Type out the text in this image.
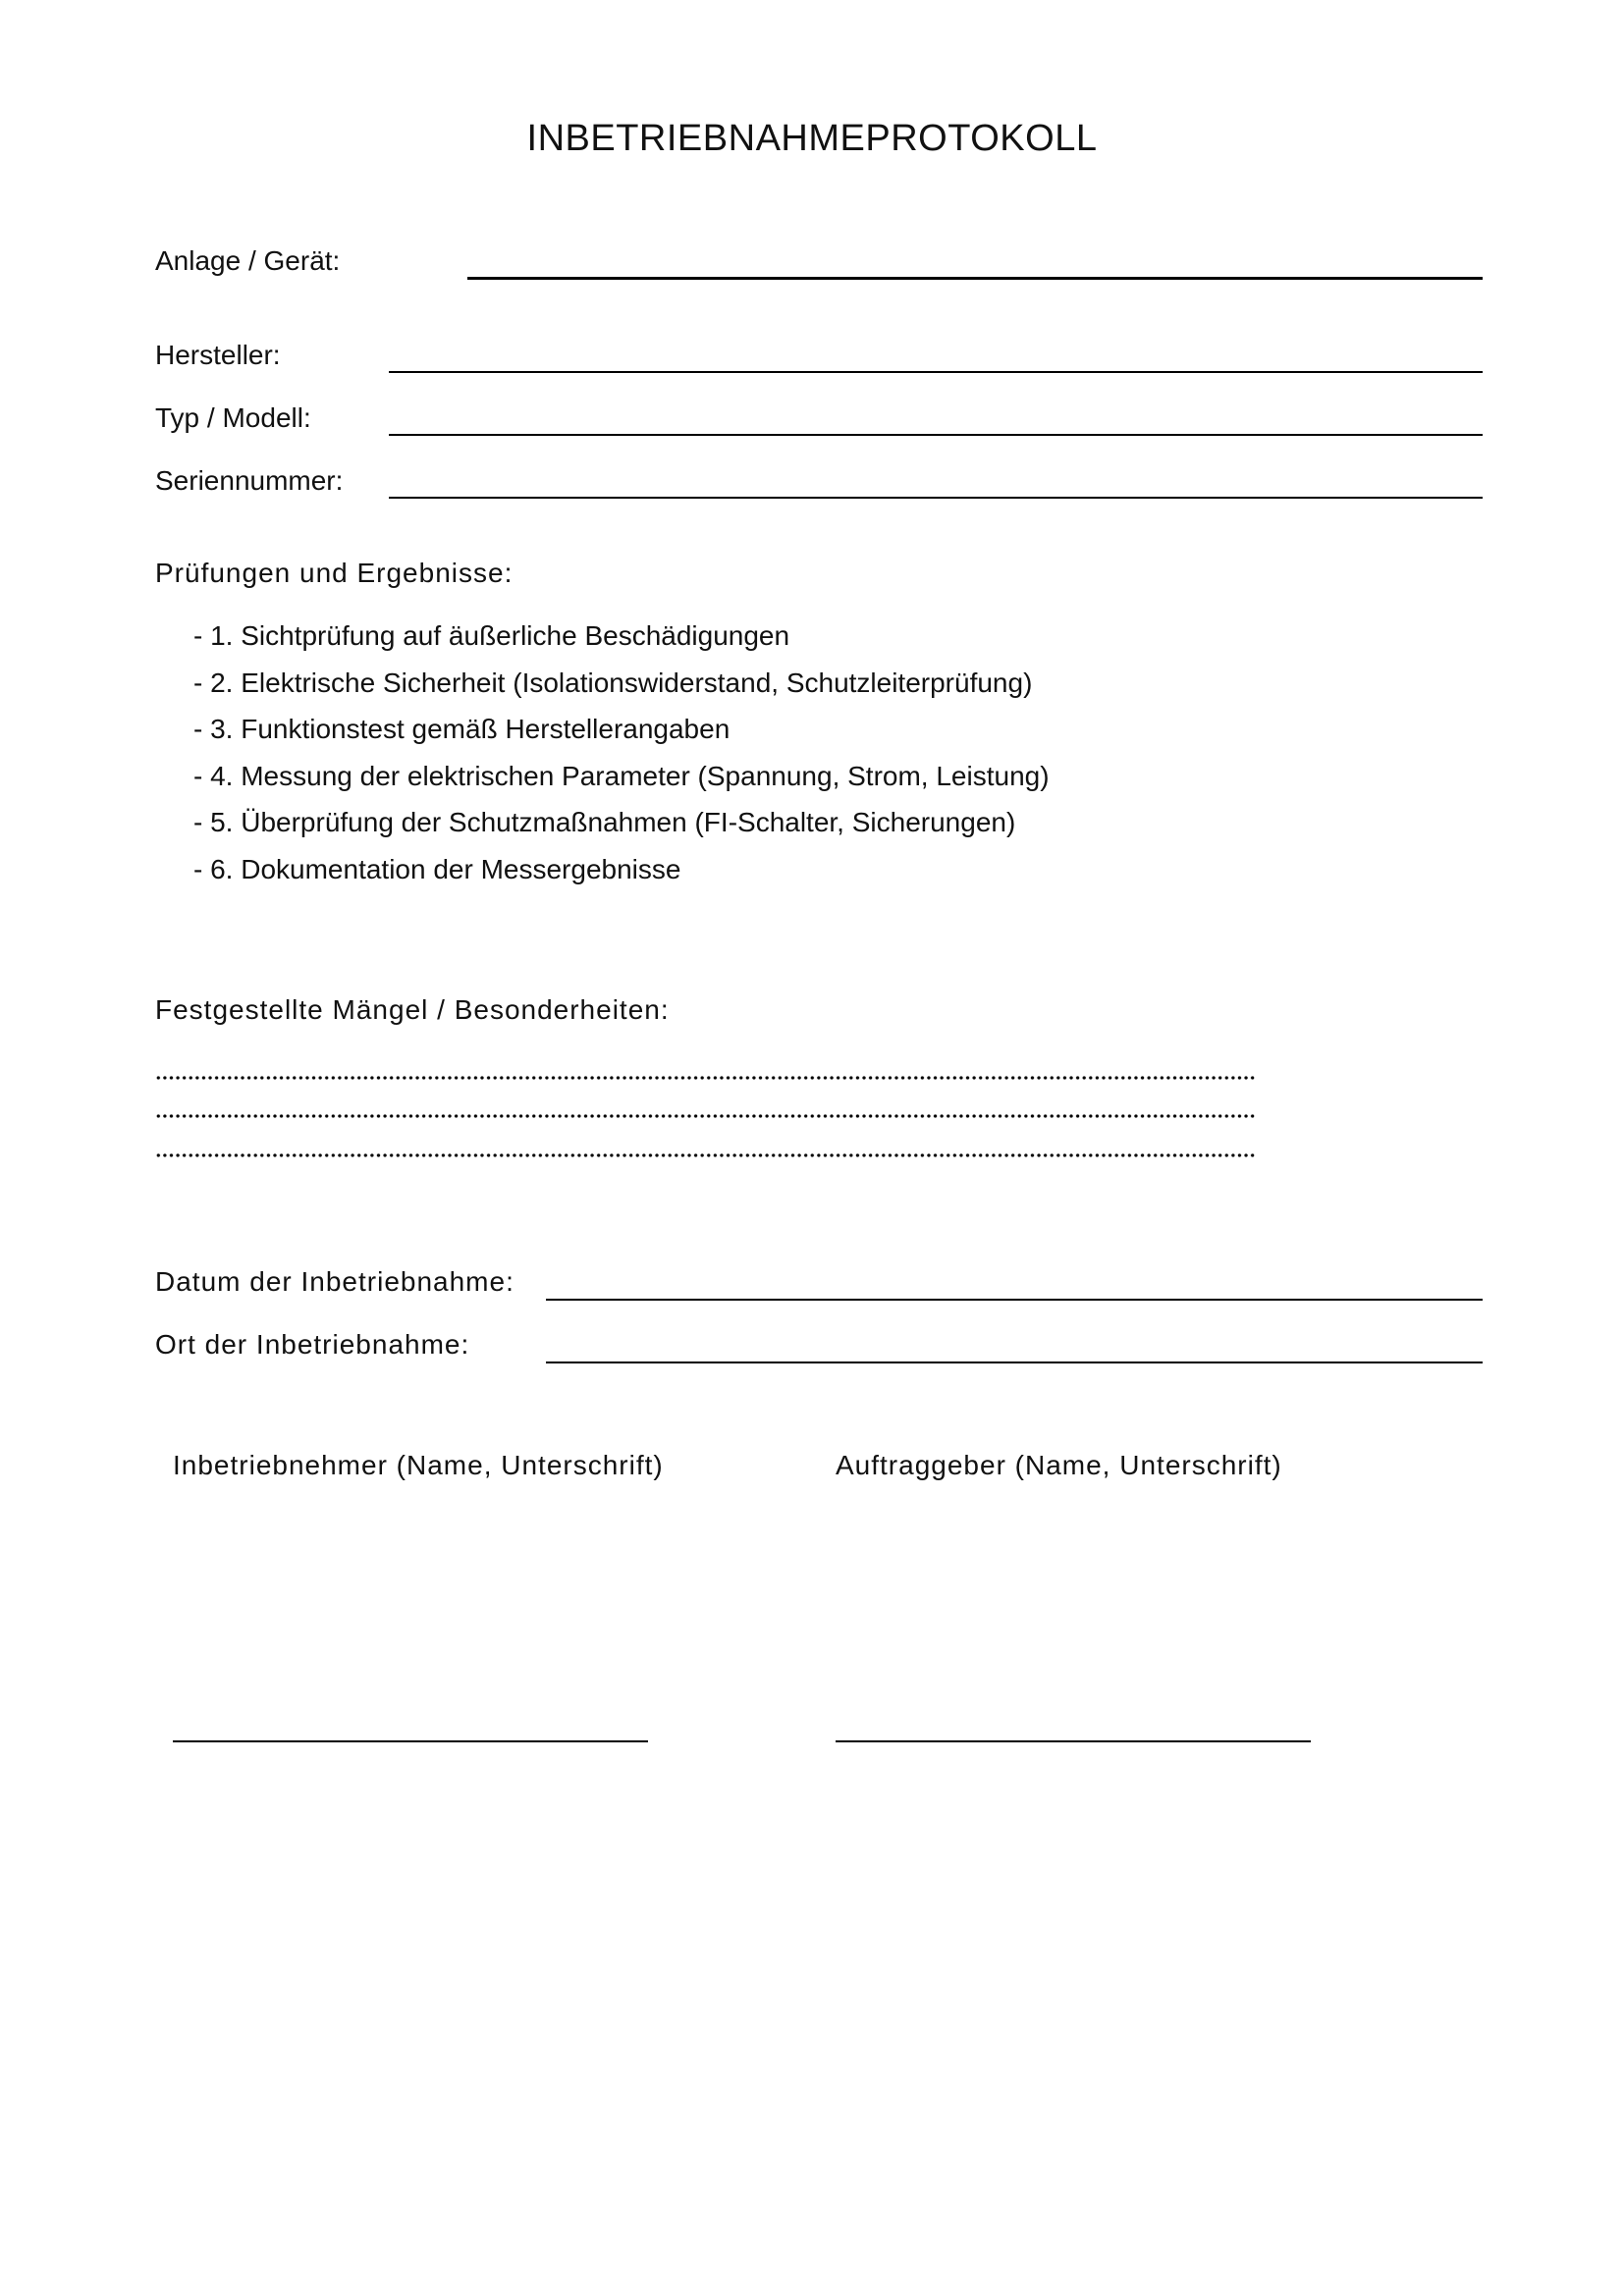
INBETRIEBNAHMEPROTOKOLL
Anlage / Gerät:
Hersteller:
Typ / Modell:
Seriennummer:
Prüfungen und Ergebnisse:
- 1. Sichtprüfung auf äußerliche Beschädigungen
- 2. Elektrische Sicherheit (Isolationswiderstand, Schutzleiterprüfung)
- 3. Funktionstest gemäß Herstellerangaben
- 4. Messung der elektrischen Parameter (Spannung, Strom, Leistung)
- 5. Überprüfung der Schutzmaßnahmen (FI-Schalter, Sicherungen)
- 6. Dokumentation der Messergebnisse
Festgestellte Mängel / Besonderheiten:
Datum der Inbetriebnahme:
Ort der Inbetriebnahme:
Inbetriebnehmer (Name, Unterschrift)	Auftraggeber (Name, Unterschrift)
